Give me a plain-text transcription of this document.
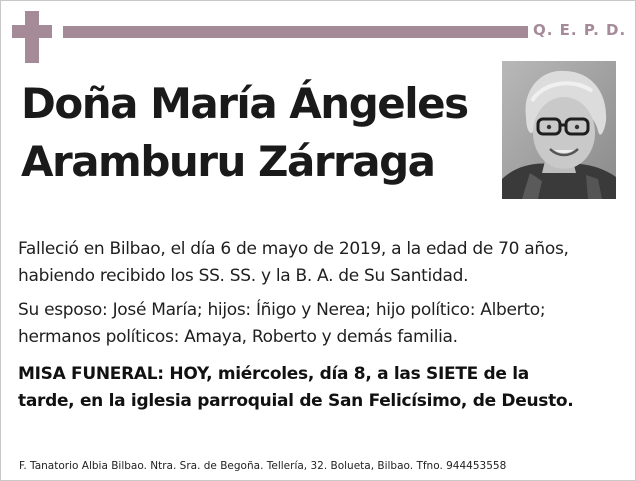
Q. E. P. D.
Doña María Ángeles
Aramburu Zárraga
Falleció en Bilbao, el día 6 de mayo de 2019, a la edad de 70 años,
habiendo recibido los SS. SS. y la B. A. de Su Santidad.
Su esposo: José María; hijos: Íñigo y Nerea; hijo político: Alberto;
hermanos políticos: Amaya, Roberto y demás familia.
MISA FUNERAL: HOY, miércoles, día 8, a las SIETE de la
tarde, en la iglesia parroquial de San Felicísimo, de Deusto.
F. Tanatorio Albia Bilbao. Ntra. Sra. de Begoña. Tellería, 32. Bolueta, Bilbao. Tfno. 944453558
